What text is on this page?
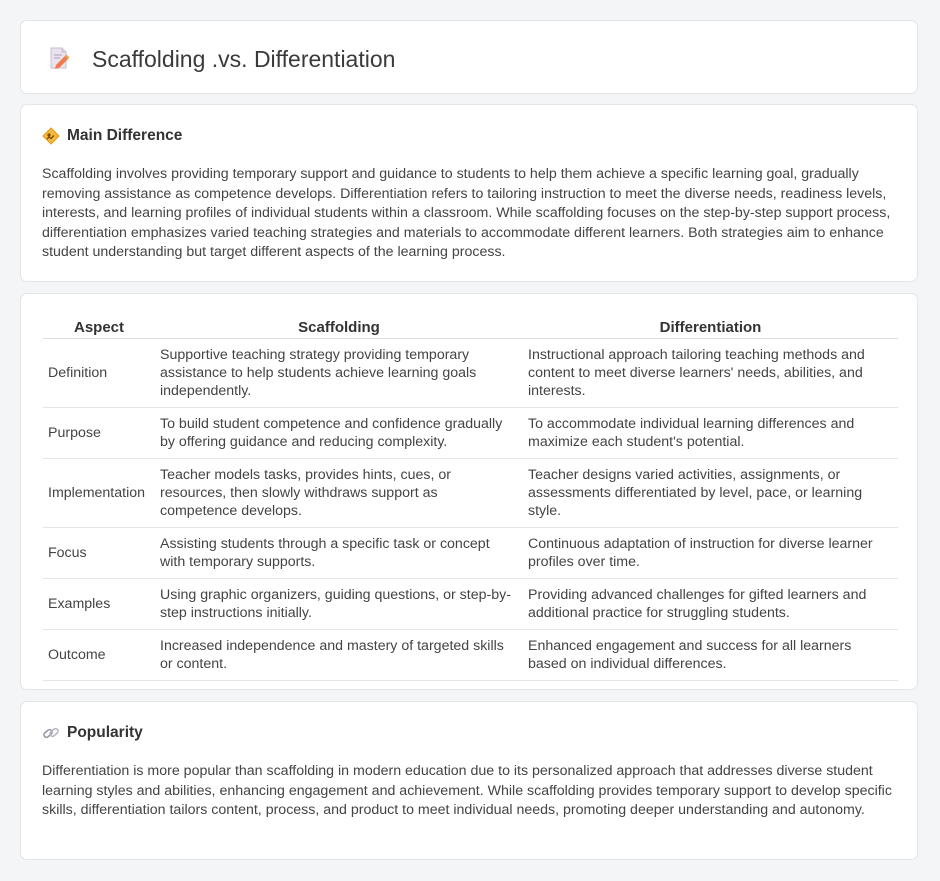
Scaffolding .vs. Differentiation
Main Difference

Scaffolding involves providing temporary support and guidance to students to help them achieve a specific learning goal, gradually removing assistance as competence develops. Differentiation refers to tailoring instruction to meet the diverse needs, readiness levels, interests, and learning profiles of individual students within a classroom. While scaffolding focuses on the step-by-step support process, differentiation emphasizes varied teaching strategies and materials to accommodate different learners. Both strategies aim to enhance student understanding but target different aspects of the learning process.

Aspect	Scaffolding	Differentiation
Definition	Supportive teaching strategy providing temporary assistance to help students achieve learning goals independently.	Instructional approach tailoring teaching methods and content to meet diverse learners' needs, abilities, and interests.
Purpose	To build student competence and confidence gradually by offering guidance and reducing complexity.	To accommodate individual learning differences and maximize each student's potential.
Implementation	Teacher models tasks, provides hints, cues, or resources, then slowly withdraws support as competence develops.	Teacher designs varied activities, assignments, or assessments differentiated by level, pace, or learning style.
Focus	Assisting students through a specific task or concept with temporary supports.	Continuous adaptation of instruction for diverse learner profiles over time.
Examples	Using graphic organizers, guiding questions, or step-by-step instructions initially.	Providing advanced challenges for gifted learners and additional practice for struggling students.
Outcome	Increased independence and mastery of targeted skills or content.	Enhanced engagement and success for all learners based on individual differences.
Popularity

Differentiation is more popular than scaffolding in modern education due to its personalized approach that addresses diverse student learning styles and abilities, enhancing engagement and achievement. While scaffolding provides temporary support to develop specific skills, differentiation tailors content, process, and product to meet individual needs, promoting deeper understanding and autonomy.
